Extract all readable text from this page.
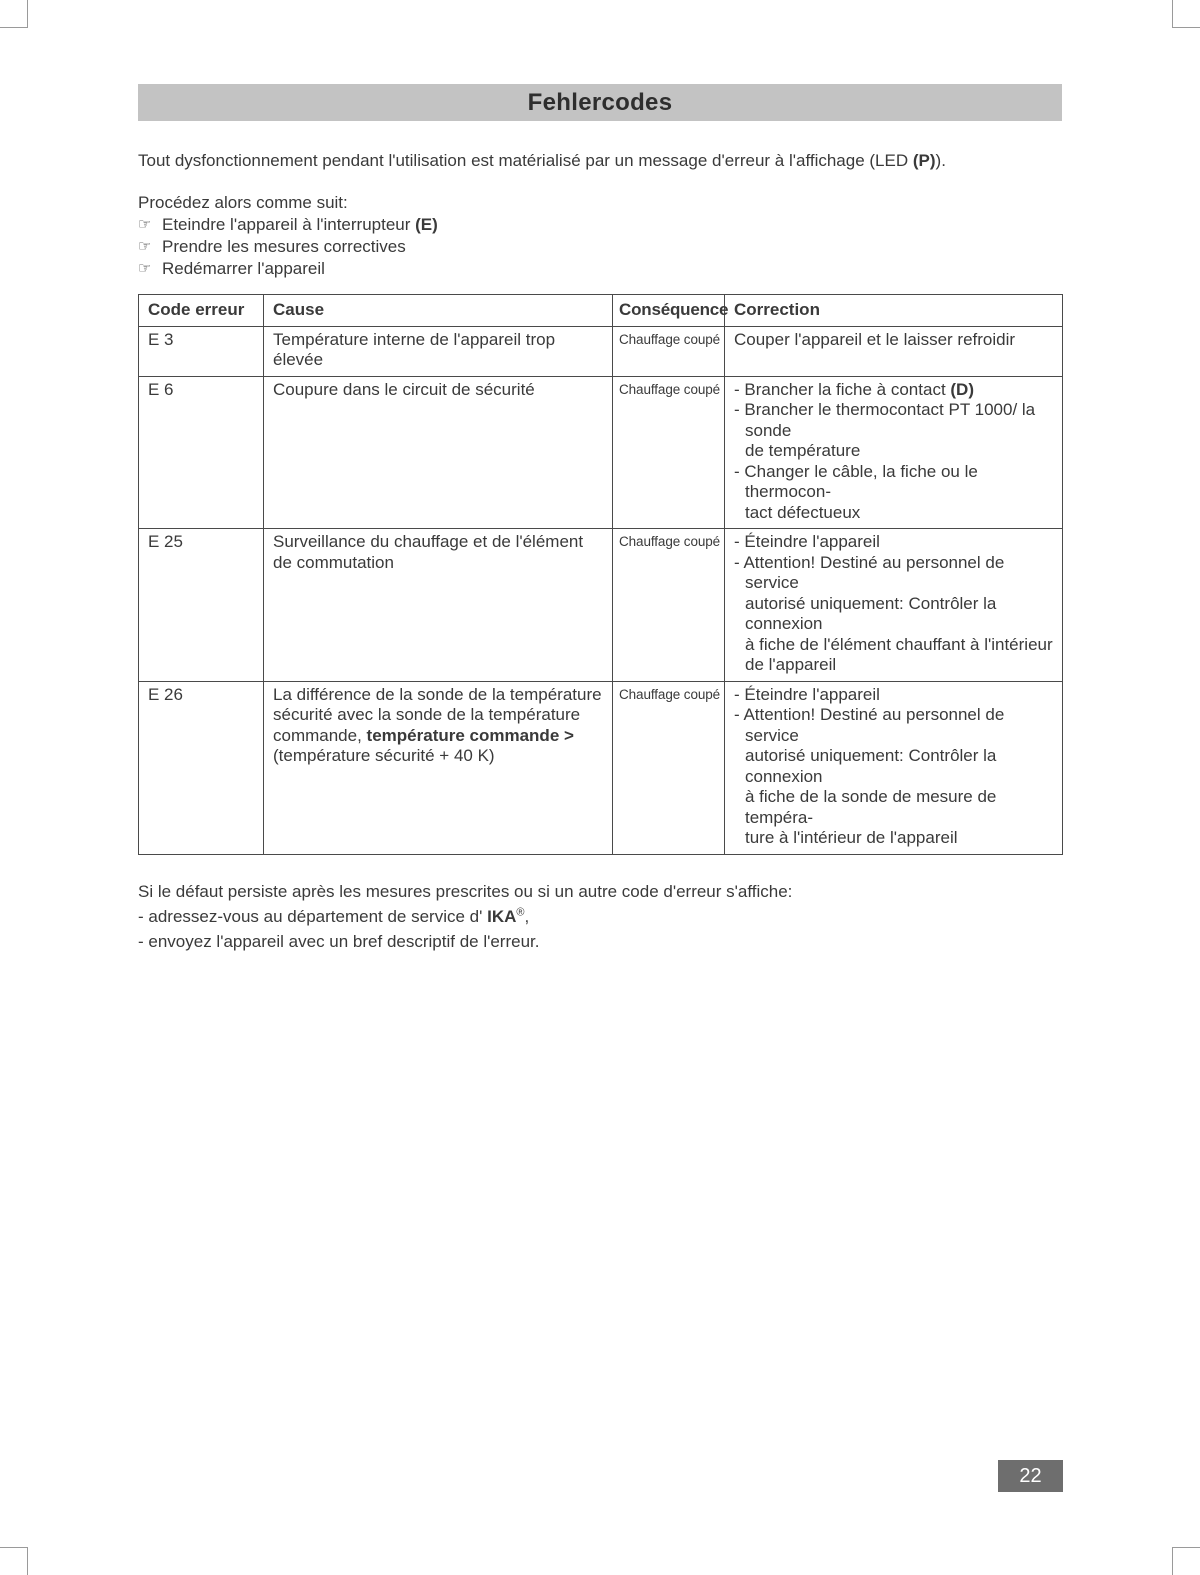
Fehlercodes
Tout dysfonctionnement pendant l'utilisation est matérialisé par un message d'erreur à l'affichage (LED (P)).
Procédez alors comme suit:
☞ Eteindre l'appareil à l'interrupteur (E)
☞ Prendre les mesures correctives
☞ Redémarrer l'appareil
Code erreur	Cause	Conséquence	Correction
E 3	Température interne de l'appareil trop élevée	Chauffage coupé	Couper l'appareil et le laisser refroidir

E 6	Coupure dans le circuit de sécurité	Chauffage coupé	- Brancher la fiche à contact (D)
- Brancher le thermocontact PT 1000/ la sonde
de température
- Changer le câble, la fiche ou le thermocon-
tact défectueux

E 25	Surveillance du chauffage et de l'élément
de commutation	Chauffage coupé	- Éteindre l'appareil
- Attention! Destiné au personnel de service
autorisé uniquement: Contrôler la connexion
à fiche de l'élément chauffant à l'intérieur
de l'appareil

E 26	La différence de la sonde de la température
sécurité avec la sonde de la température
commande, température commande >
(température sécurité + 40 K)	Chauffage coupé	- Éteindre l'appareil
- Attention! Destiné au personnel de service
autorisé uniquement: Contrôler la connexion
à fiche de la sonde de mesure de tempéra-
ture à l'intérieur de l'appareil
Si le défaut persiste après les mesures prescrites ou si un autre code d'erreur s'affiche:
- adressez-vous au département de service d' IKA®,
- envoyez l'appareil avec un bref descriptif de l'erreur.
22
